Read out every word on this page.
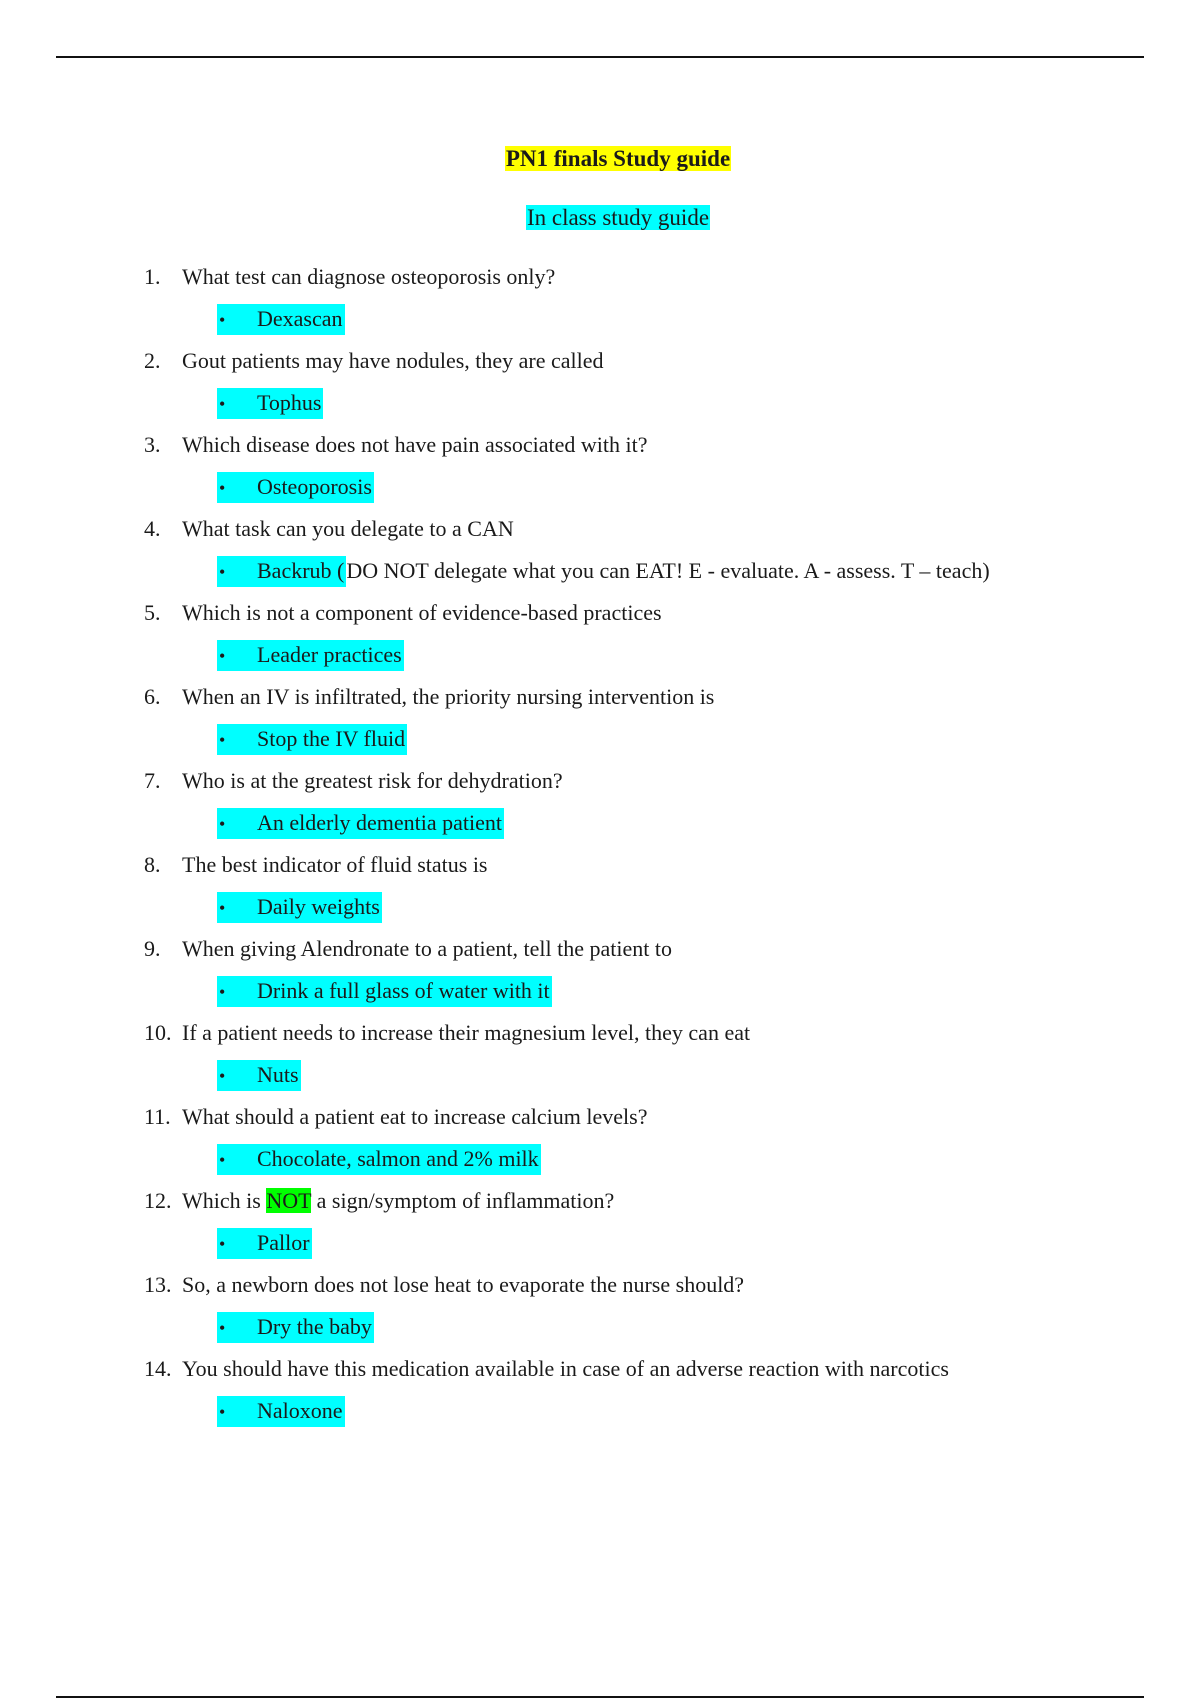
PN1 finals Study guide
In class study guide
1. What test can diagnose osteoporosis only?
• Dexascan
2. Gout patients may have nodules, they are called
• Tophus
3. Which disease does not have pain associated with it?
• Osteoporosis
4. What task can you delegate to a CAN
• Backrub (DO NOT delegate what you can EAT! E - evaluate. A - assess. T – teach)
5. Which is not a component of evidence-based practices
• Leader practices
6. When an IV is infiltrated, the priority nursing intervention is
• Stop the IV fluid
7. Who is at the greatest risk for dehydration?
• An elderly dementia patient
8. The best indicator of fluid status is
• Daily weights
9. When giving Alendronate to a patient, tell the patient to
• Drink a full glass of water with it
10. If a patient needs to increase their magnesium level, they can eat
• Nuts
11. What should a patient eat to increase calcium levels?
• Chocolate, salmon and 2% milk
12. Which is NOT a sign/symptom of inflammation?
• Pallor
13. So, a newborn does not lose heat to evaporate the nurse should?
• Dry the baby
14. You should have this medication available in case of an adverse reaction with narcotics
• Naloxone
